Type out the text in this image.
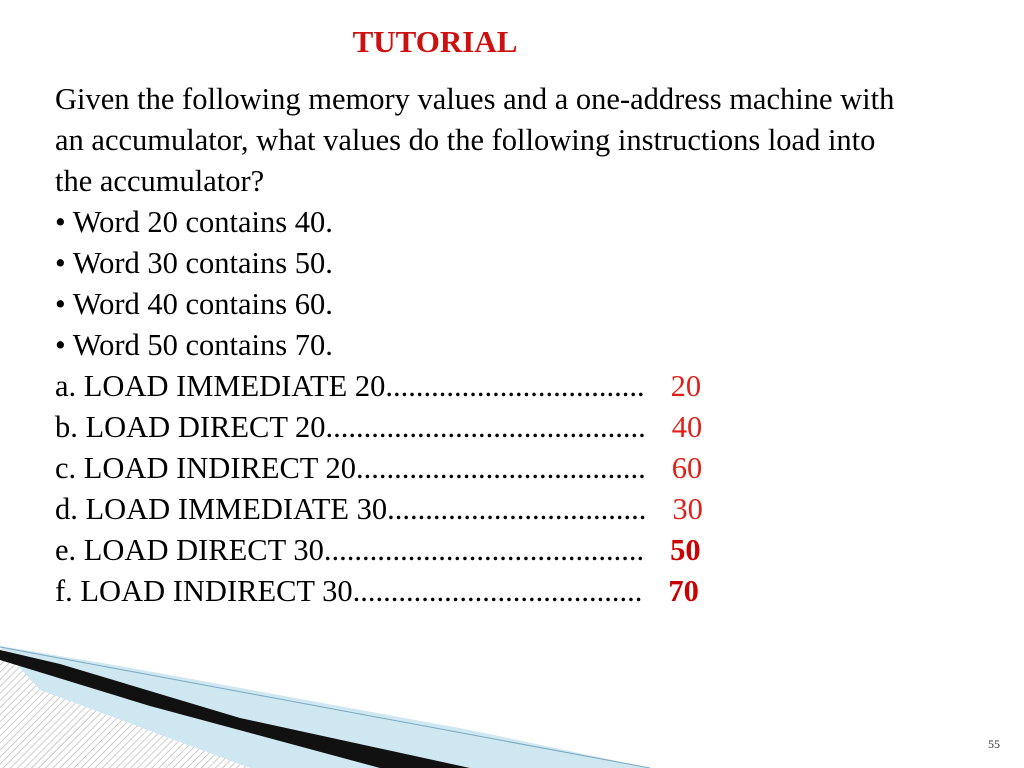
TUTORIAL
Given the following memory values and a one-address machine with
an accumulator, what values do the following instructions load into
the accumulator?
• Word 20 contains 40.
• Word 30 contains 50.
• Word 40 contains 60.
• Word 50 contains 70.
a. LOAD IMMEDIATE 20.................................. 20
b. LOAD DIRECT 20.......................................... 40
c. LOAD INDIRECT 20...................................... 60
d. LOAD IMMEDIATE 30.................................. 30
e. LOAD DIRECT 30.......................................... 50
f. LOAD INDIRECT 30...................................... 70
55
